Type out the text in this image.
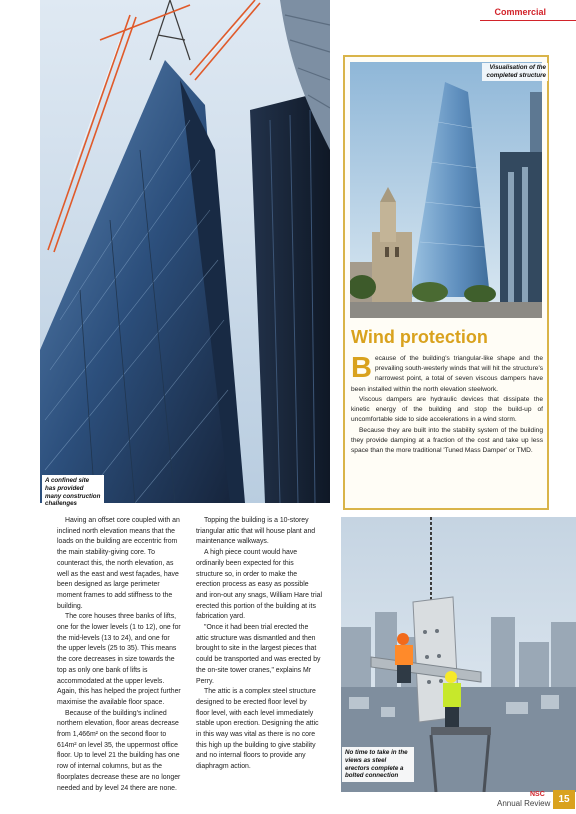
Commercial
A confined site has provided many construction challenges
Visualisation of the completed structure
Wind protection

Because of the building's triangular-like shape and the prevailing south-westerly winds that will hit the structure's narrowest point, a total of seven viscous dampers have been installed within the north elevation steelwork.

Viscous dampers are hydraulic devices that dissipate the kinetic energy of the building and stop the build-up of uncomfortable side to side accelerations in a wind storm.

Because they are built into the stability system of the building they provide damping at a fraction of the cost and take up less space than the more traditional 'Tuned Mass Damper' or TMD.

No time to take in the views as steel erectors complete a bolted connection

Having an offset core coupled with an inclined north elevation means that the loads on the building are eccentric from the main stability-giving core. To counteract this, the north elevation, as well as the east and west façades, have been designed as large perimeter moment frames to add stiffness to the building.

The core houses three banks of lifts, one for the lower levels (1 to 12), one for the mid-levels (13 to 24), and one for the upper levels (25 to 35). This means the core decreases in size towards the top as only one bank of lifts is accommodated at the upper levels. Again, this has helped the project further maximise the available floor space.

Because of the building's inclined northern elevation, floor areas decrease from 1,466m² on the second floor to 614m² on level 35, the uppermost office floor. Up to level 21 the building has one row of internal columns, but as the floorplates decrease these are no longer needed and by level 24 there are none.

Topping the building is a 10-storey triangular attic that will house plant and maintenance walkways.

A high piece count would have ordinarily been expected for this structure so, in order to make the erection process as easy as possible and iron-out any snags, William Hare trial erected this portion of the building at its fabrication yard.

"Once it had been trial erected the attic structure was dismantled and then brought to site in the largest pieces that could be transported and was erected by the on-site tower cranes," explains Mr Perry.

The attic is a complex steel structure designed to be erected floor level by floor level, with each level immediately stable upon erection. Designing the attic in this way was vital as there is no core this high up the building to give stability and no internal floors to provide any diaphragm action.

NSC
Annual Review 15
